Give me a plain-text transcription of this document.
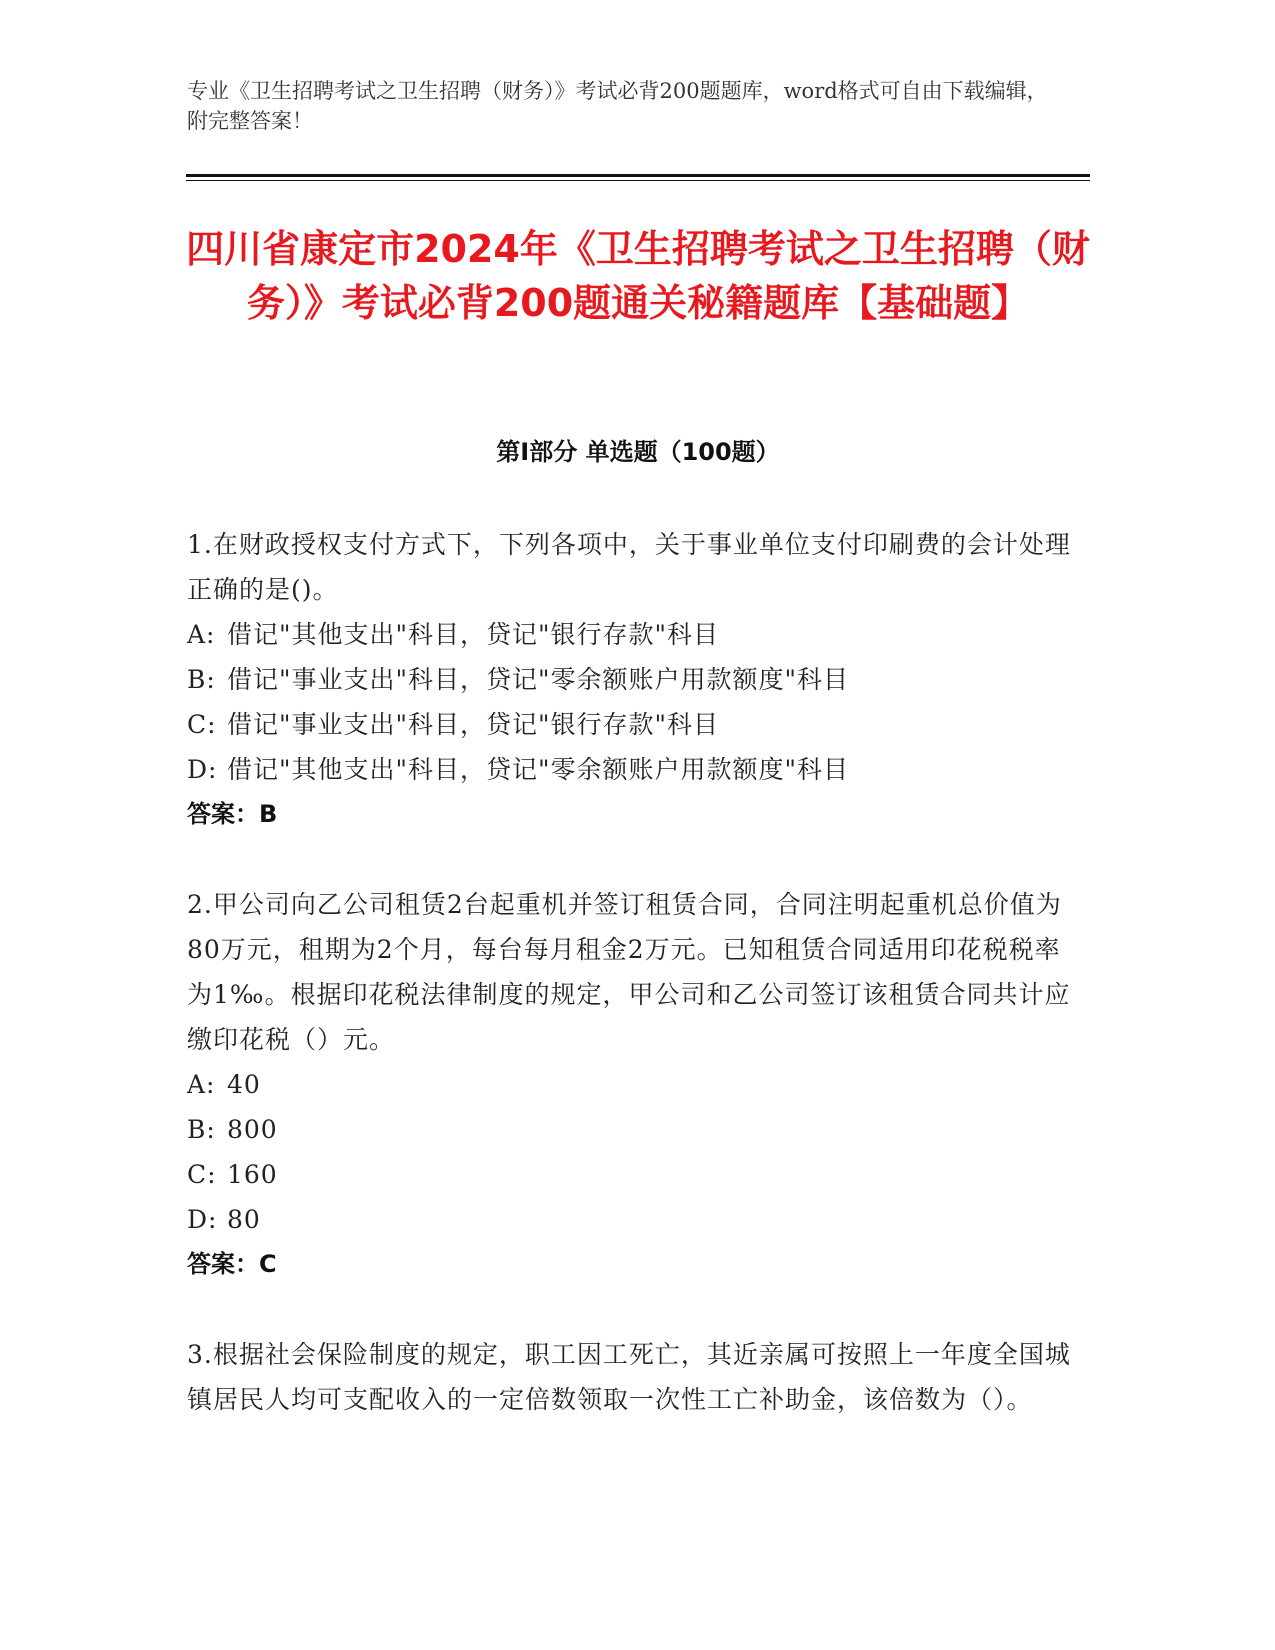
专业《卫生招聘考试之卫生招聘（财务）》考试必背200题题库，word格式可自由下载编辑，附完整答案！
四川省康定市2024年《卫生招聘考试之卫生招聘（财务）》考试必背200题通关秘籍题库【基础题】
第I部分 单选题（100题）
1.在财政授权支付方式下，下列各项中，关于事业单位支付印刷费的会计处理正确的是()。
A: 借记"其他支出"科目，贷记"银行存款"科目
B: 借记"事业支出"科目，贷记"零余额账户用款额度"科目
C: 借记"事业支出"科目，贷记"银行存款"科目
D: 借记"其他支出"科目，贷记"零余额账户用款额度"科目
答案：B
2.甲公司向乙公司租赁2台起重机并签订租赁合同，合同注明起重机总价值为80万元，租期为2个月，每台每月租金2万元。已知租赁合同适用印花税税率为1‰。根据印花税法律制度的规定，甲公司和乙公司签订该租赁合同共计应缴印花税（）元。
A: 40
B: 800
C: 160
D: 80
答案：C
3.根据社会保险制度的规定，职工因工死亡，其近亲属可按照上一年度全国城镇居民人均可支配收入的一定倍数领取一次性工亡补助金，该倍数为（）。
